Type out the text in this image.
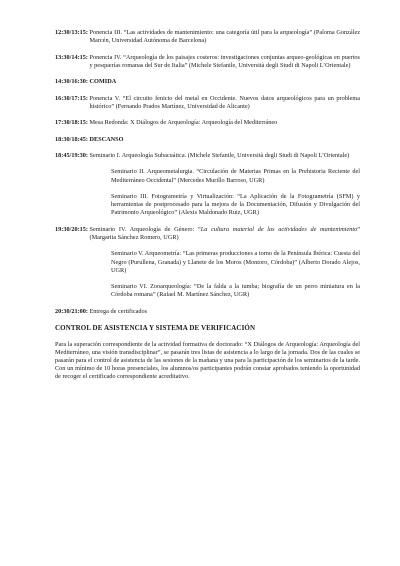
12:30/13:15: Ponencia III. “Las actividades de mantenimiento: una categoría útil para la arqueología” (Paloma González Marcén, Universidad Autónoma de Barcelona)
13:30/14:15: Ponencia IV. “Arqueología de los paisajes costeros: investigaciones conjuntas arqueo-geológicas en puertos y pesquerías romanas del Sur de Italia” (Michele Stefanile, Università degli Studi di Napoli L’Orientale)
14:30/16:30: COMIDA
16:30/17:15: Ponencia V. “El circuito fenicio del metal en Occidente. Nuevos datos arqueológicos para un problema histórico” (Fernando Prados Martínez, Universidad de Alicante)
17:30/18:15: Mesa Redonda: X Diálogos de Arqueología: Arqueología del Mediterráneo
18:30/18:45: DESCANSO
18:45/19:30: Seminario I. Arqueología Subacuática. (Michele Stefanile, Università degli Studi di Napoli L’Orientale)
Seminario II. Arqueometalurgia. “Circulación de Materias Primas en la Prehistoria Reciente del Mediterráneo Occidental” (Mercedes Murillo Barroso, UGR)
Seminario III. Fotogrametría y Virtualización: “La Aplicación de la Fotogrametría (SFM) y herramientas de postprocesado para la mejora de la Documentación, Difusión y Divulgación del Patrimonio Arqueológico” (Alexis Maldonado Ruiz, UGR)
19:30/20:15: Seminario IV. Arqueología de Género: “La cultura material de las actividades de mantenimiento” (Margarita Sánchez Romero, UGR)
Seminario V. Arqueometría: “Las primeras producciones a torno de la Península Ibérica: Cuesta del Negro (Purullena, Granada) y Llanete de los Moros (Montoro, Córdoba)” (Alberto Dorado Alejos, UGR)
Seminario VI. Zooarqueología: “De la falda a la tumba; biografía de un perro miniatura en la Córdoba romana” (Rafael M. Martínez Sánchez, UGR)
20:30/21:00: Entrega de certificados
CONTROL DE ASISTENCIA Y SISTEMA DE VERIFICACIÓN
Para la superación correspondiente de la actividad formativa de doctorado: “X Diálogos de Arqueología: Arqueología del Mediterráneo, una visión transdisciplinar”, se pasarán tres listas de asistencia a lo largo de la jornada. Dos de las cuales se pasarán para el control de asistencia de las sesiones de la mañana y una para la participación de los seminarios de la tarde. Con un mínimo de 10 horas presenciales, los alumnos/os participantes podrán constar aprobados teniendo la oportunidad de recoger el certificado correspondiente acreditativo.
